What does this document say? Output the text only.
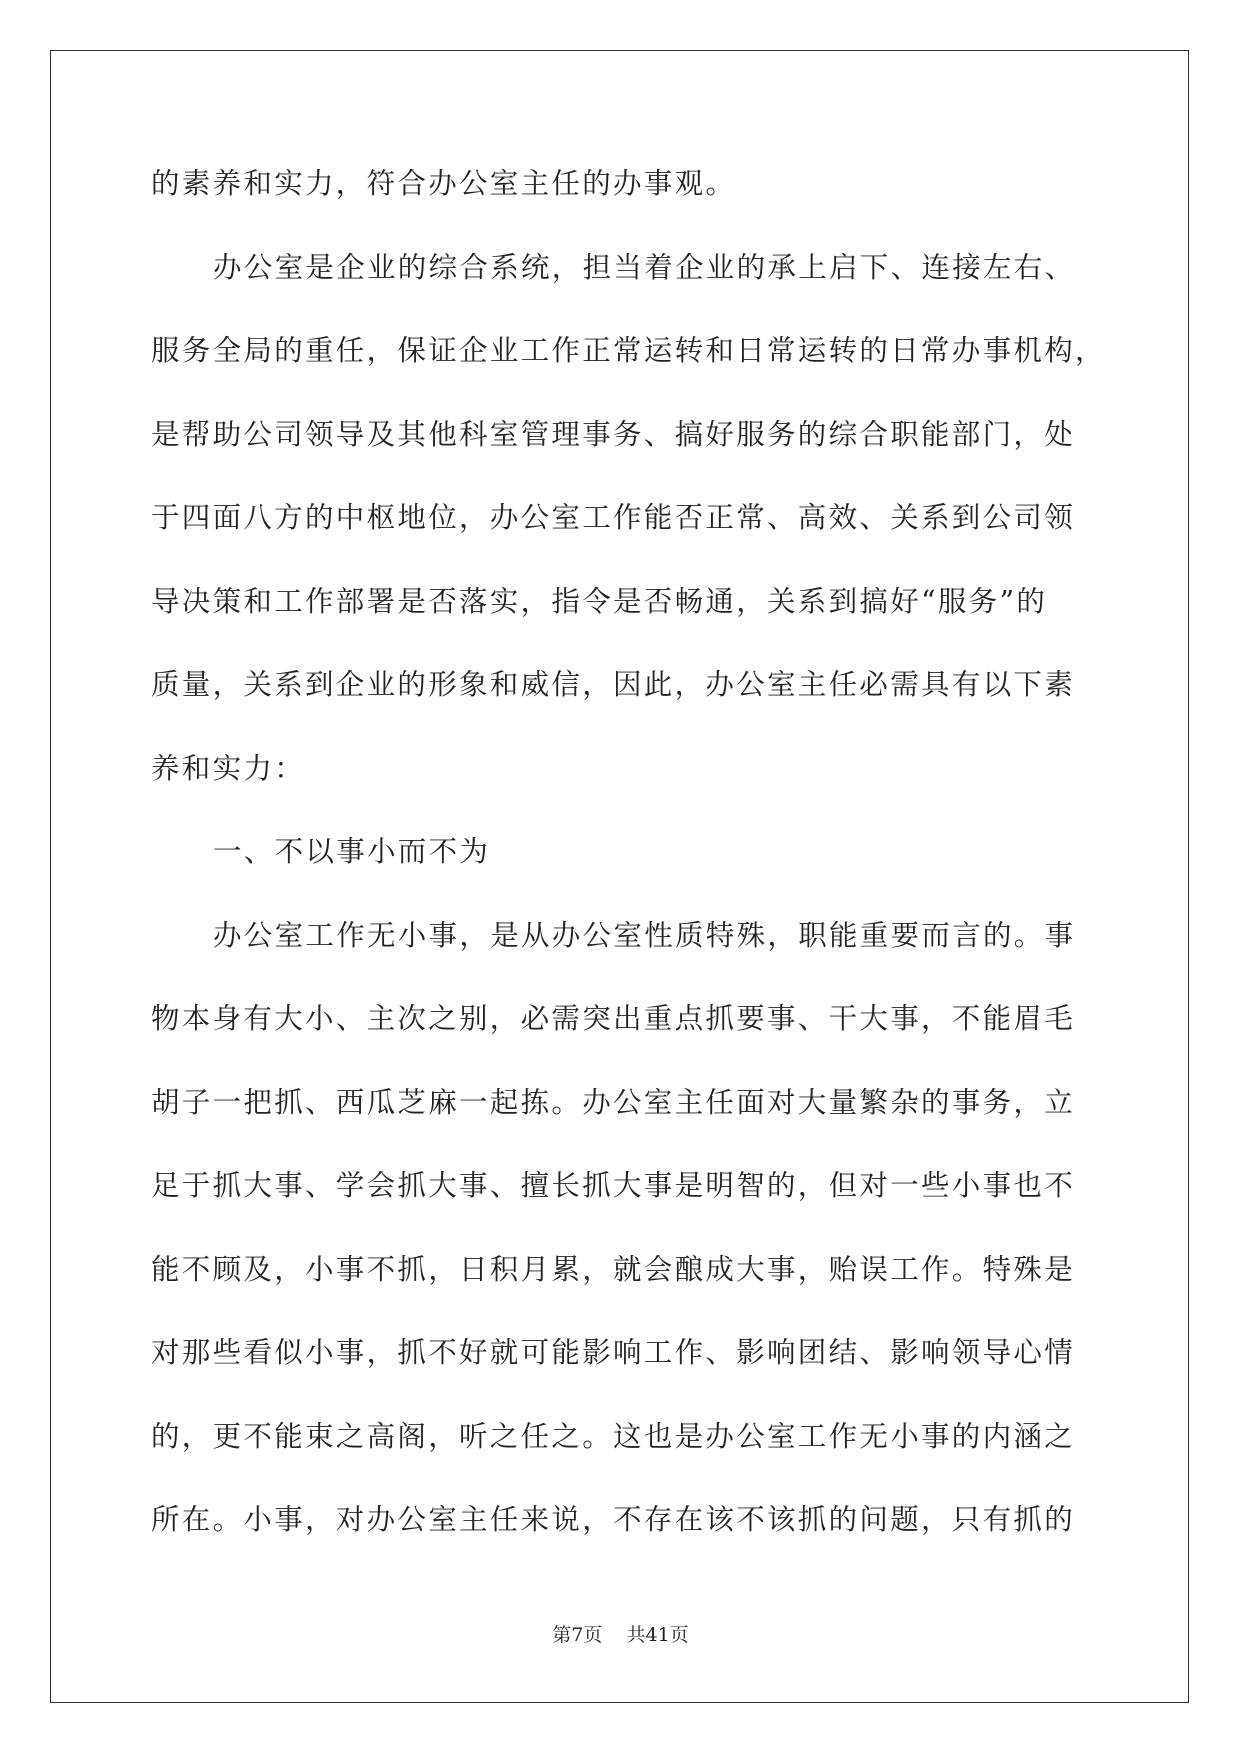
的素养和实力，符合办公室主任的办事观。
办公室是企业的综合系统，担当着企业的承上启下、连接左右、
服务全局的重任，保证企业工作正常运转和日常运转的日常办事机构，
是帮助公司领导及其他科室管理事务、搞好服务的综合职能部门，处
于四面八方的中枢地位，办公室工作能否正常、高效、关系到公司领
导决策和工作部署是否落实，指令是否畅通，关系到搞好“服务”的
质量，关系到企业的形象和威信，因此，办公室主任必需具有以下素
养和实力：
一、不以事小而不为
办公室工作无小事，是从办公室性质特殊，职能重要而言的。事
物本身有大小、主次之别，必需突出重点抓要事、干大事，不能眉毛
胡子一把抓、西瓜芝麻一起拣。办公室主任面对大量繁杂的事务，立
足于抓大事、学会抓大事、擅长抓大事是明智的，但对一些小事也不
能不顾及，小事不抓，日积月累，就会酿成大事，贻误工作。特殊是
对那些看似小事，抓不好就可能影响工作、影响团结、影响领导心情
的，更不能束之高阁，听之任之。这也是办公室工作无小事的内涵之
所在。小事，对办公室主任来说，不存在该不该抓的问题，只有抓的
第7页 共41页
